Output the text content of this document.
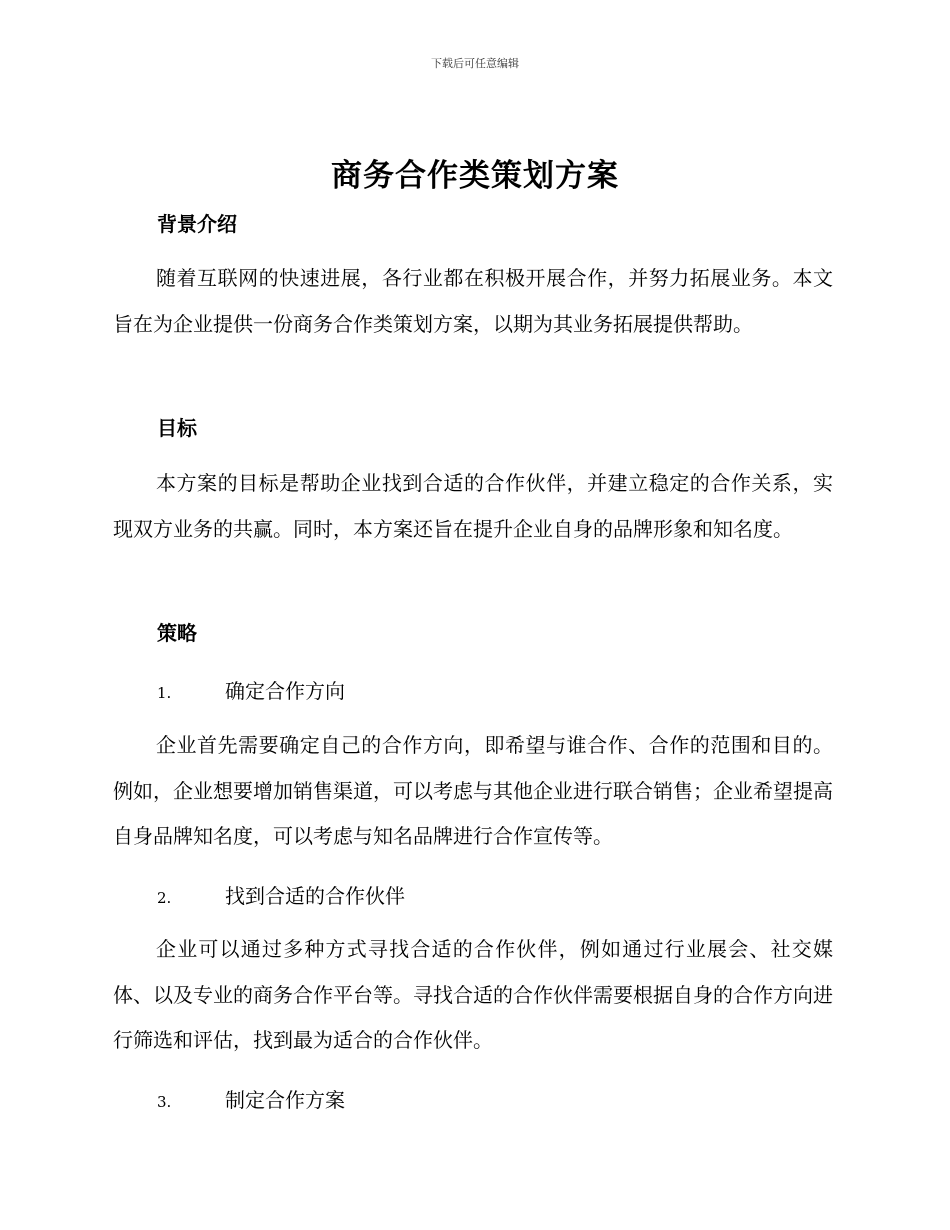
下载后可任意编辑
商务合作类策划方案
背景介绍

随着互联网的快速进展，各行业都在积极开展合作，并努力拓展业务。本文旨在为企业提供一份商务合作类策划方案，以期为其业务拓展提供帮助。

目标

本方案的目标是帮助企业找到合适的合作伙伴，并建立稳定的合作关系，实现双方业务的共赢。同时，本方案还旨在提升企业自身的品牌形象和知名度。

策略
1.	确定合作方向

企业首先需要确定自己的合作方向，即希望与谁合作、合作的范围和目的。例如，企业想要增加销售渠道，可以考虑与其他企业进行联合销售；企业希望提高自身品牌知名度，可以考虑与知名品牌进行合作宣传等。

2.	找到合适的合作伙伴

企业可以通过多种方式寻找合适的合作伙伴，例如通过行业展会、社交媒体、以及专业的商务合作平台等。寻找合适的合作伙伴需要根据自身的合作方向进行筛选和评估，找到最为适合的合作伙伴。

3.	制定合作方案
